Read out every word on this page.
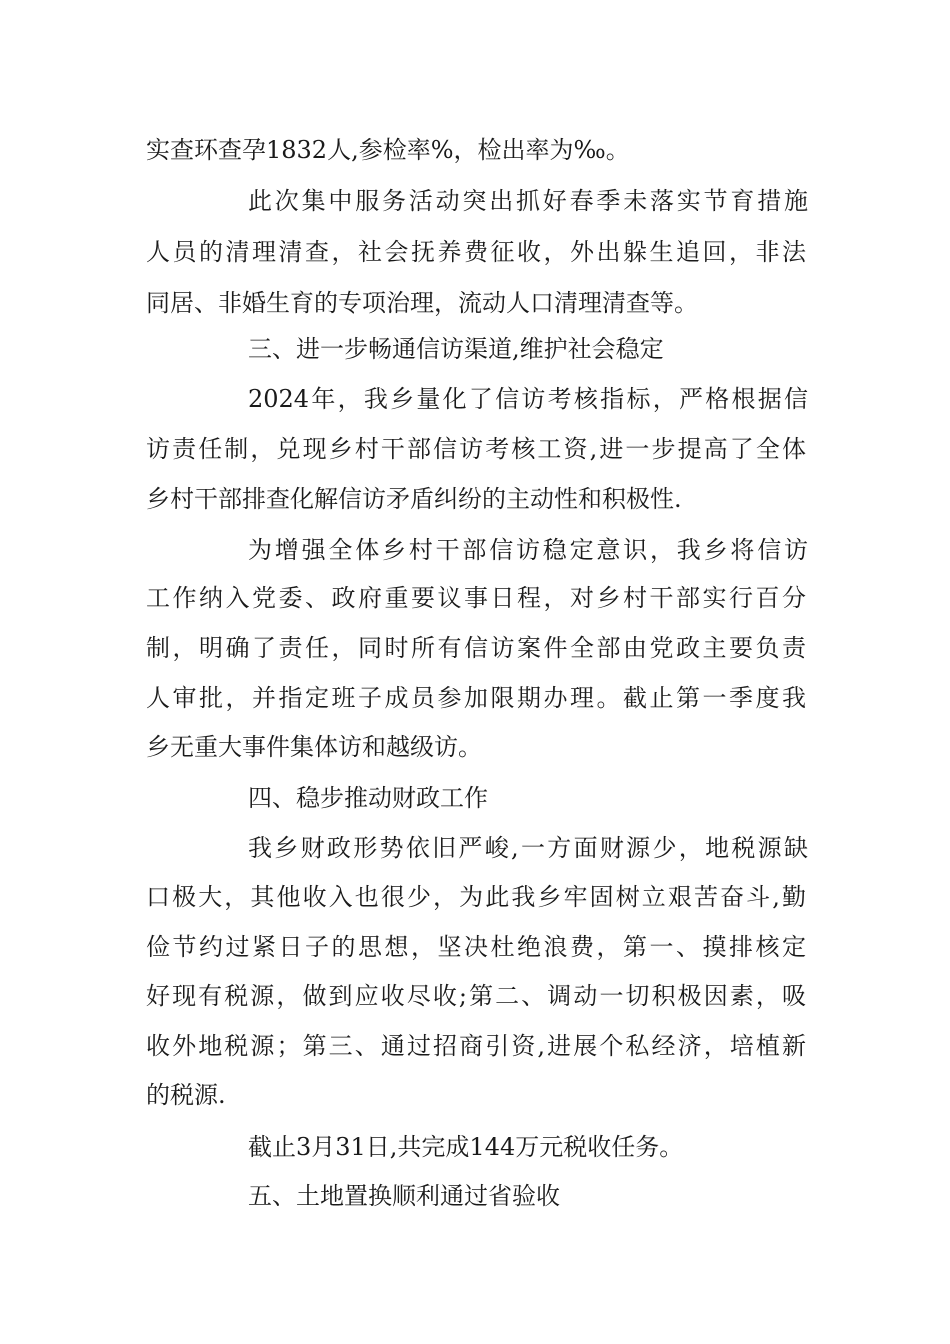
实查环查孕1832人,参检率%，检出率为‰。
此次集中服务活动突出抓好春季未落实节育措施
人员的清理清查，社会抚养费征收，外出躲生追回，非法
同居、非婚生育的专项治理，流动人口清理清查等。
三、进一步畅通信访渠道,维护社会稳定
2024年，我乡量化了信访考核指标，严格根据信
访责任制，兑现乡村干部信访考核工资,进一步提高了全体
乡村干部排查化解信访矛盾纠纷的主动性和积极性.
为增强全体乡村干部信访稳定意识，我乡将信访
工作纳入党委、政府重要议事日程，对乡村干部实行百分
制，明确了责任，同时所有信访案件全部由党政主要负责
人审批，并指定班子成员参加限期办理。截止第一季度我
乡无重大事件集体访和越级访。
四、稳步推动财政工作
我乡财政形势依旧严峻,一方面财源少，地税源缺
口极大，其他收入也很少，为此我乡牢固树立艰苦奋斗,勤
俭节约过紧日子的思想，坚决杜绝浪费，第一、摸排核定
好现有税源，做到应收尽收;第二、调动一切积极因素，吸
收外地税源；第三、通过招商引资,进展个私经济，培植新
的税源.
截止3月31日,共完成144万元税收任务。
五、土地置换顺利通过省验收
